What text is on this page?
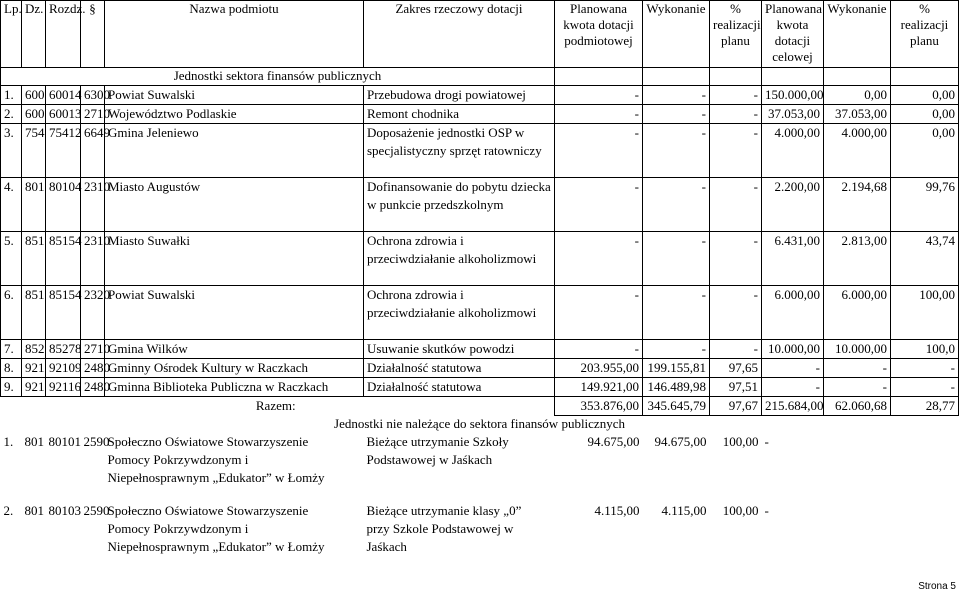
Lp.	Dz.	Rozdz.	§	Nazwa podmiotu	Zakres rzeczowy dotacji	Planowana kwota dotacji podmiotowej	Wykonanie	% realizacji planu	Planowana kwota dotacji celowej	Wykonanie	% realizacji planu
Jednostki sektora finansów publicznych											
1.	600	60014	6300	Powiat Suwalski	Przebudowa drogi powiatowej	-	-	-	150.000,00	0,00	0,00
2.	600	60013	2710	Województwo Podlaskie	Remont chodnika	-	-	-	37.053,00	37.053,00	0,00
3.	754	75412	6649	Gmina Jeleniewo	Doposażenie jednostki OSP w specjalistyczny sprzęt ratowniczy	-	-	-	4.000,00	4.000,00	0,00
4.	801	80104	2310	Miasto Augustów	Dofinansowanie do pobytu dziecka w punkcie przedszkolnym	-	-	-	2.200,00	2.194,68	99,76
5.	851	85154	2310	Miasto Suwałki	Ochrona zdrowia i przeciwdziałanie alkoholizmowi	-	-	-	6.431,00	2.813,00	43,74
6.	851	85154	2320	Powiat Suwalski	Ochrona zdrowia i przeciwdziałanie alkoholizmowi	-	-	-	6.000,00	6.000,00	100,00
7.	852	85278	2710	Gmina Wilków	Usuwanie skutków powodzi	-	-	-	10.000,00	10.000,00	100,0
8.	921	92109	2480	Gminny Ośrodek Kultury w Raczkach	Działalność statutowa	203.955,00	199.155,81	97,65	-	-	-
9.	921	92116	2480	Gminna Biblioteka Publiczna w Raczkach	Działalność statutowa	149.921,00	146.489,98	97,51	-	-	-
Razem:						353.876,00	345.645,79	97,67	215.684,00	62.060,68	28,77
Jednostki nie należące do sektora finansów publicznych											
1.	801	80101	2590	Społeczno Oświatowe Stowarzyszenie Pomocy Pokrzywdzonym i Niepełnosprawnym „Edukator” w Łomży	Bieżące utrzymanie Szkoły Podstawowej w Jaśkach	94.675,00	94.675,00	100,00	-		
2.	801	80103	2590	Społeczno Oświatowe Stowarzyszenie Pomocy Pokrzywdzonym i Niepełnosprawnym „Edukator” w Łomży	Bieżące utrzymanie klasy „0” przy Szkole Podstawowej w Jaśkach	4.115,00	4.115,00	100,00	-		
Strona 5
